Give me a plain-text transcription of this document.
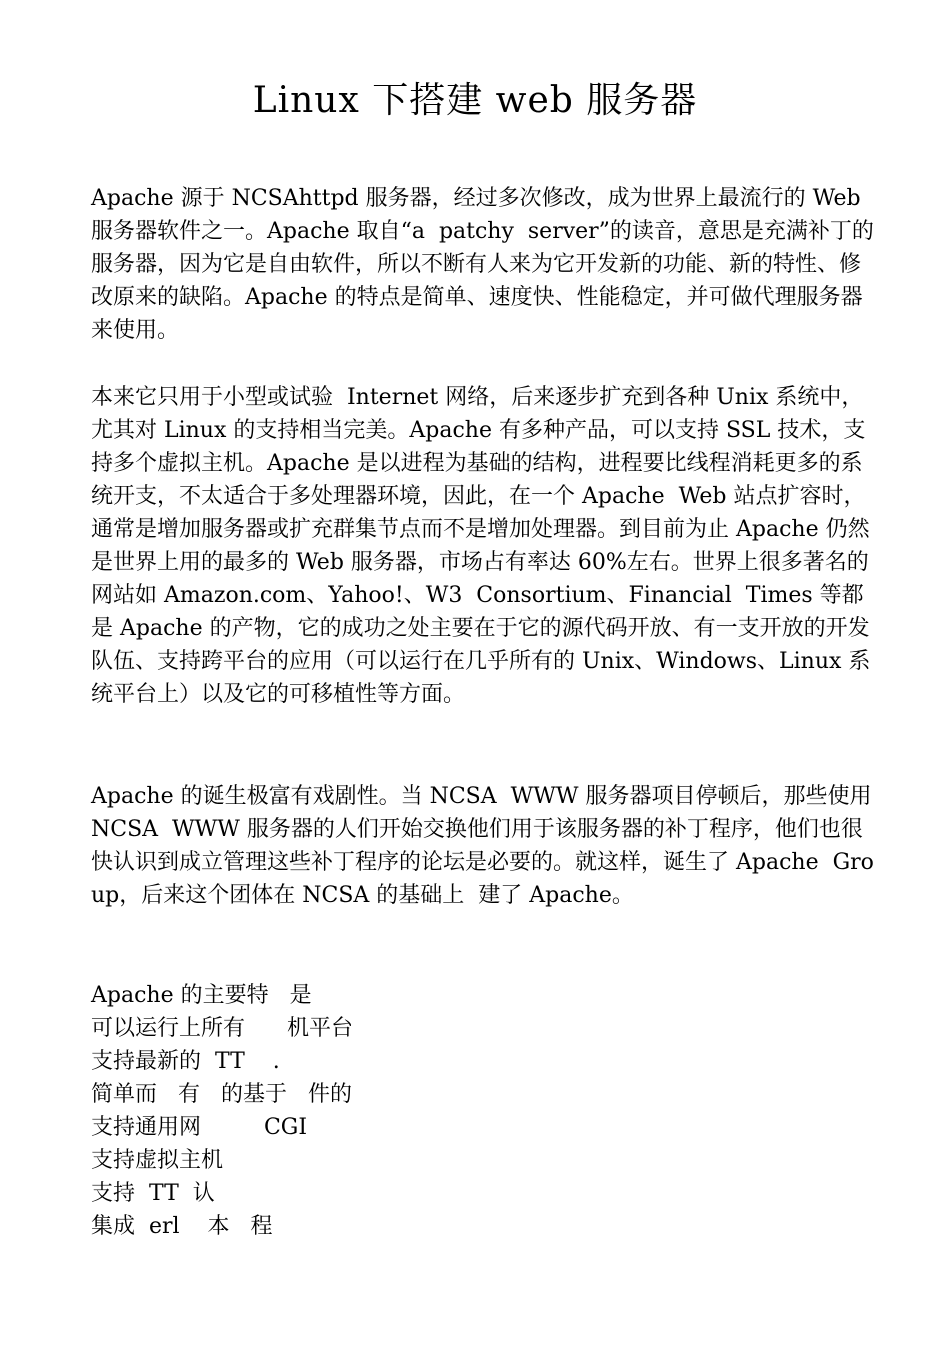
Linux 下搭建 web 服务器

Apache 源于 NCSAhttpd 服务器，经过多次修改，成为世界上最流行的 Web 服务器软件之一。Apache 取自“a  patchy  server”的读音，意思是充满补丁的服务器，因为它是自由软件，所以不断有人来为它开发新的功能、新的特性、修改原来的缺陷。Apache 的特点是简单、速度快、性能稳定，并可做代理服务器来使用。

本来它只用于小型或试验  Internet 网络，后来逐步扩充到各种 Unix 系统中，尤其对 Linux 的支持相当完美。Apache 有多种产品，可以支持 SSL 技术，支持多个虚拟主机。Apache 是以进程为基础的结构，进程要比线程消耗更多的系统开支，不太适合于多处理器环境，因此，在一个 Apache  Web 站点扩容时，通常是增加服务器或扩充群集节点而不是增加处理器。到目前为止 Apache 仍然是世界上用的最多的 Web 服务器，市场占有率达 60%左右。世界上很多著名的网站如 Amazon.com、Yahoo!、W3  Consortium、Financial  Times 等都是 Apache 的产物，它的成功之处主要在于它的源代码开放、有一支开放的开发队伍、支持跨平台的应用（可以运行在几乎所有的 Unix、Windows、Linux 系统平台上）以及它的可移植性等方面。

Apache 的诞生极富有戏剧性。当 NCSA  WWW 服务器项目停顿后，那些使用 NCSA  WWW 服务器的人们开始交换他们用于该服务器的补丁程序，他们也很快认识到成立管理这些补丁程序的论坛是必要的。就这样，诞生了 Apache  Group，后来这个团体在 NCSA 的基础上  建了 Apache。

Apache 的主要特   是
可以运行上所有      机平台
支持最新的  TT    .
简单而   有   的基于   件的
支持通用网         CGI
支持虚拟主机
支持  TT  认
集成  erl    本   程
